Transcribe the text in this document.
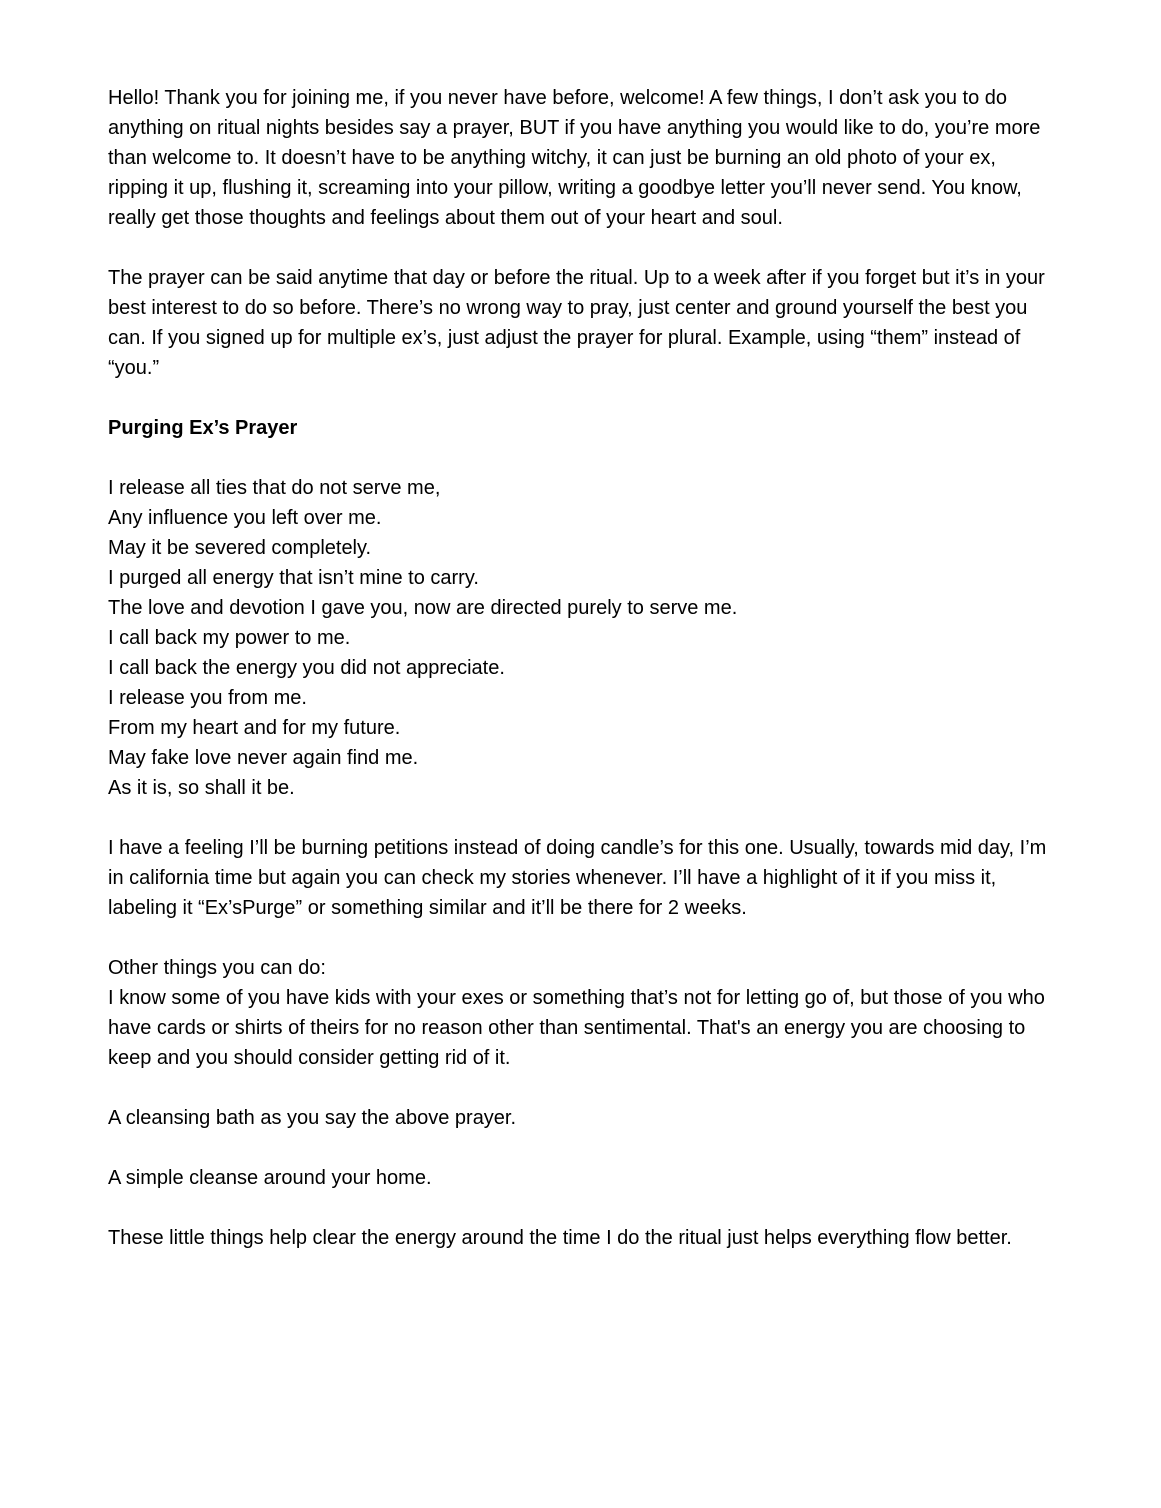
Hello! Thank you for joining me, if you never have before, welcome! A few things, I don’t ask you to do anything on ritual nights besides say a prayer, BUT if you have anything you would like to do, you’re more than welcome to. It doesn’t have to be anything witchy, it can just be burning an old photo of your ex, ripping it up, flushing it, screaming into your pillow, writing a goodbye letter you’ll never send. You know, really get those thoughts and feelings about them out of your heart and soul.

The prayer can be said anytime that day or before the ritual. Up to a week after if you forget but it’s in your best interest to do so before. There’s no wrong way to pray, just center and ground yourself the best you can. If you signed up for multiple ex’s, just adjust the prayer for plural. Example, using “them” instead of “you.”

Purging Ex’s Prayer
I release all ties that do not serve me,
Any influence you left over me.
May it be severed completely.
I purged all energy that isn’t mine to carry.
The love and devotion I gave you, now are directed purely to serve me.
I call back my power to me.
I call back the energy you did not appreciate.
I release you from me.
From my heart and for my future.
May fake love never again find me.
As it is, so shall it be.

I have a feeling I’ll be burning petitions instead of doing candle’s for this one. Usually, towards mid day, I’m in california time but again you can check my stories whenever. I’ll have a highlight of it if you miss it, labeling it “Ex’sPurge” or something similar and it’ll be there for 2 weeks.

Other things you can do:
I know some of you have kids with your exes or something that’s not for letting go of, but those of you who have cards or shirts of theirs for no reason other than sentimental. That's an energy you are choosing to keep and you should consider getting rid of it.

A cleansing bath as you say the above prayer.

A simple cleanse around your home.

These little things help clear the energy around the time I do the ritual just helps everything flow better.
